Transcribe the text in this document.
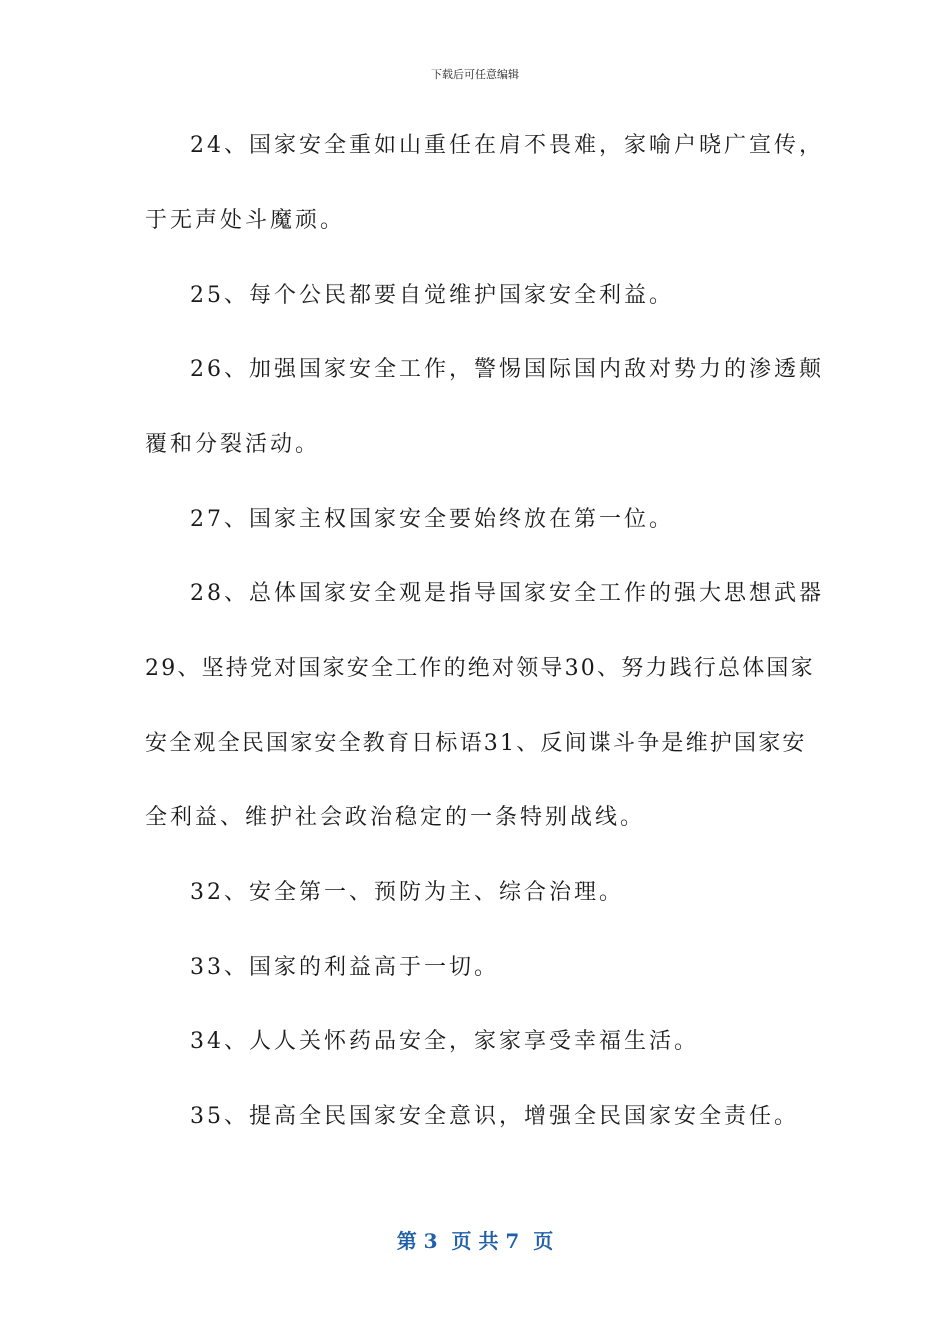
下载后可任意编辑
24、国家安全重如山重任在肩不畏难，家喻户晓广宣传，
于无声处斗魔顽。
25、每个公民都要自觉维护国家安全利益。
26、加强国家安全工作，警惕国际国内敌对势力的渗透颠
覆和分裂活动。
27、国家主权国家安全要始终放在第一位。
28、总体国家安全观是指导国家安全工作的强大思想武器
29、坚持党对国家安全工作的绝对领导30、努力践行总体国家
安全观全民国家安全教育日标语31、反间谍斗争是维护国家安
全利益、维护社会政治稳定的一条特别战线。
32、安全第一、预防为主、综合治理。
33、国家的利益高于一切。
34、人人关怀药品安全，家家享受幸福生活。
35、提高全民国家安全意识，增强全民国家安全责任。
第 3  页 共 7  页
